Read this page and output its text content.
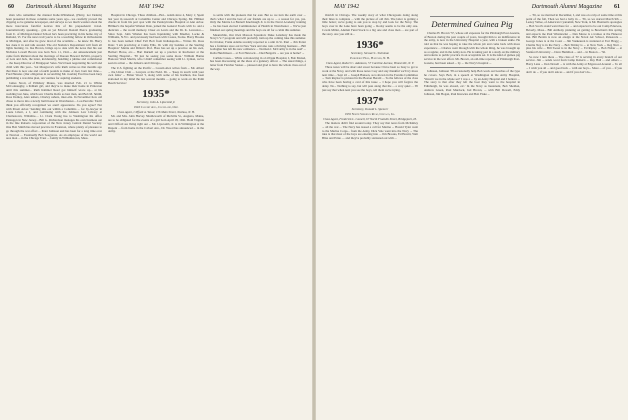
60 Dartmouth Alumni Magazine	MAY 1942

shan who remember the manual Kahe-Whitehead, (Harry, not Dennis) been presented in these columns some years ago—we carefully proved the clipping so be genuine newspaper, and surveys so we much wonder about the more inaccurate fanciful notices this of his prepaedeutic travel. Journalistically speaking... grin on yet Edward Donald Pierce graduating from U. of Michigan Dental School he's been practicing in his home city of Rutland, Vt. For the news trail you're to be a teaching fellow in Orthodontia at Michigan, and after he grew tired of the scramble ... he knew Dr. Harry has done it in and talk around. The old Statistics Department will from all lights burning. Lt. Ike Brown, brings up to date with the news that his son Nicholas Lowell Brown was born Nov. 11, 1941.... An announcement just came from Rutland about the marriage of Doreen Howard DeWitt, property of Lois and Jack, the latter, incidentally, handling a jubilee and commission ... the Keep Director of Bridgeport Sales. We'd been negotiating his well and child with this year... Sol Musgrove's wife Ruth writes us that months ago that there is now one and a fourth pounds to make of Joel, born last June.... Fred Hansler. (Our obligation in reconciling Mr. trouble) Fred has been busy publishing a war-time plan, ran vanities for aspiring students.

James Stroit, of Pillsbury Mauss, was married Feb. 21 to Wilma McConnaughy, a Pelham girl, and they're to make their home in Princeton until this summer... Ruth Kimmel Reed got himself wrote up... at his wedding last June, which saw Charlie Rolfe as best man, and Bob M. Smith, Ross Donley, Alex ushers, Charley ushers, inter-alia. In November how old chose to move into a newly built house in Westchester.... Lou Parrallo: 'Don't think you officially recognized we aren't appearance. Do you agree? Not with Pruett Ariaz.' Sending this out within a Columbia ... for by-lawyer in Louie Libert, a I, and continuing with the Johnson Law Library at Charlestown, Wiltshire.... Lt. Clark Young has to Washington his office Pentagon in New Jersey... Bill G. Richardson manages his own business out in the fine Roberts corporation of the New Jersey Central Dental Society. One Bob Smith has moved practice in Evanston, where plenty of pleasure to go through the war effort ... Peter Johnson and has been for a long time over at Newton ... Eventually Bob Seagraves. As an employee of the world our area man ... in the Chicago Trust ... family in Williamstown, Mass.

Hospital in Chicago. Three children—Hel... Adam since 4, Mary 1; Spent last year in research at Columbia Center and Chicago Spring. Mr. Hilliker checks in from his port spot with the Pennsylvania Hospital at Ann Arbor. Hilliker's the hopeful Whalen Dale, joined the General Foods with Lt. and a dietician ... the world memory. Cheer on Lewis and the Dr. K. Lawrence.... Since Sept. John Whalen has been liquidating with Mueller, Locke & Williams, N.Y.C. and previously had been with Coates, Stolze. Harry Brooks Jr. has been named Chief Fell Bolt from Indianapolis.... Writes Dr. Ross Dale: 'I am practicing at Camp Ellis, Ill. with my buddies at the Sterling Hospital.' Mattie and Dillon's Prof. Hare has set up a practice on his own, Herbert Howe, etc.... Hart Rurkell set up a practice in Rochester at the Sterling Hospital... 'I'll just be seeing you some more.' William Hanna Hanover Ward Martin, who I didn't remember seeing with Lt. Lyman, we've seen in action ... the Jamaica and Chicago...

The U.S. fighting on the Pacific ... Cousin Alex writes from ... Mr. Albert ... the Union Club ... Lawyers at the Field. Dr. ... 'Keep in touch with your own folks' ... Elmer Wood 'I, along with some of his brethren, has been stationed in my mind the last several months ... going to work on the Palm Beach Service.'

1935*

Secretary, John A. Lipscomb jr.

1943 Calvert Ave., Cleveland, Ohio

Class Agent, Clifford A. Wood, 156 Main Street, Nashua, N. H.

Mr. and Mrs. John Harvey Shuttleworth of Melville St., Augusta, Maine, are to be obligated for the events of a girl born April 18, 1941. Both Virginia and Clifford are living right out ... Mr. Lipscomb, Jr. is in Wilmington at the Dupont ... from home in the Calvert Ave., Dr. Wood has announced ... in the Army.

to settle with the pioneers that far east. But so we turn the earth over ... that's what I and the best of our friends are up to ... a reason for yes, yes. Only the Merrie Lu Barnell Knoblaugh Jr. is in the Naval Academy training ... he has been elected Commissioner of Health in Westchester ... We've just finished our spring meetings and the boys are all for a cabin this summer.

Meanwhile, Our Own Maroon Squadron: Duke Lansbury has made the Navy's V-7 program and will probably train up the coming lake this summer. In October, Frank Adams recently reported to a unit in St. Paul ... Jim Potter has a furniture store out in New York and also runs a thriving business ... Bill Gallagher has left his new ordinance ... Norman J. McCarthy is in the AAF ... Rolla Hutchinson ... at Fort Hancock ... Dud Bergen's ... are you at home? ...

Carlisle Cases— While convalescing in a Lilbyuk Hospital, I, Bob Maisel, has been discoursing on the ideas of a gunnery officer ... The usual things, a letter from Fletcher Stokes ... pleased and glad to have the whole class out of the way.

MAY 1942	Dartmouth Alumni Magazine 61

Ostrich in Chicago. The weekly story of what Chicagoans doing along their lines is complete ... with the picture of old Jim. The latter is getting a little better; we're going to ask you to stop by and look for the Navy. The boys over in the Lake have been going ... Rocky seems to be the only one. Cowin Miller, Alumni Fund Stock is a big one and class men ... are part of the story. Are you still at...

1936*

Secretary, Stewart L. Steinman

Parkhurst Hall, Hanover, N. H.

Class Agent, Robert C. Adamson, 57 Caroline Avenue, Bronxville, N. Y.

Three notes will be short and sweet because I have been so busy to get to work at the Navy, and with those notes I say and stay thankful we'll try more next time ... Sept 2d ... Joseph Hanson, as is shown in the Forums Committee ... Tom Raynor is pictured in the Boston Herald ... To the fellows of the class who have been having a card of this issue ... I hope you will forgive the delay. No... Nothing to say, but will pass along that the ... a very quiet ... I'll just say that when next you see the boys, tell them we're trying.

1937*

Secretary, Donald L. Spencer

1935 North Sheridan Road, Chicago, Ill.

Class Agent, Frederick L. Cassell, 67 North Franklin Street, Bridgeport, Ill.

The matters didn't find around today. They say that news from McKinley ... all the war ... The Navy has issued a call for Marine ... Harold Tyler went to the Marine Corps... from the Army, Dick Vale went into the Navy ... The idea is that most of the boys are entering into ... Jim Brooks, Ed Hewitt, Walt Bliss and Ernie — and they're probably stationed out with ...

Determined Guinea Pig

Charles H. Brown '37, whose old exposure for the Pittsburgh Post-Gazette, of Boston during the past couple of years, brought him to an indifference in the army, is now in the University Hospital a year, with a broken ankle. He told us that he was hoping to take the whole job and come back with more experience ... Charles went through with the whole thing, he was brought up as a regular, and in the Army now. He is taking part in a study on the military and returns to public practice in an acceptable set. It is the kind of guinea pig service in the war effort. Mr. Brown, an old-time reporter, of Pittsburgh Post-Gazette, had been asked ... by ... the Navy's hospital ...

Johnson, Johnson '38 occasionally help Bob work out beaches of the type he covers. Says Bob, in a speech at Washington in the Army Hospital, 'Weren't we in the whole set? I was a ... by an Army Hospital and I believe ... The story is that after they left the boat they went to the hospital in Edinburgh, he was aboard, etc.' In the Navy as lieutenant, Bob Sheldon, Andrew Green, Paul Murdock, Jud Brown, ... with Bill Dowell, Eddy Johnson, Jim Hogan, Paul Knowles and Bob Flake ...

... '36, so we married in December, I, and was on a trip of some time at this point of the fall. Then we had a baby in ... '36, so we started March 9th ... Lesley Vallee, of American Cyanamid, New York, is Mr. Brennan's apologies ... Bob Scott's stand went there for ... and expected to be out Camp Ederwee, Beverly, Mass... Bill Anthony planning on getting to Bowman's this spring and expects me Paul Wisniewski ... Dan Morse is a trainee at the Hanover Inn. Bill Berzin is now an ensign at the Naval Air School, Pensacola ... George Jones is at the Coast ... Jim Vankeuren is stationed at Fort Bragg ... Charlie Ney is in the Navy ... Bob Shirley is ... at New York ... Reg Nutt ... plus his wife ... Bill Sweet is in the Navy ... Ed Ripley ... Bob Fisher ... at Stanford University ... Dave Hamilton ... and ... in Boston ... '36.

So now I turn there ... The class of '37 is serving in every branch of our service. Jim ... sends word from Camp Roberts ... Ray Hall ... and others ... Harry Lane ... Don Newell ... is with the Army at Edgewood Arsenal ... To all ... I wish you all ... and good luck ... with our boys... More ... of you ... if you don't do ... if you don't ask us ... and if you don't do...
